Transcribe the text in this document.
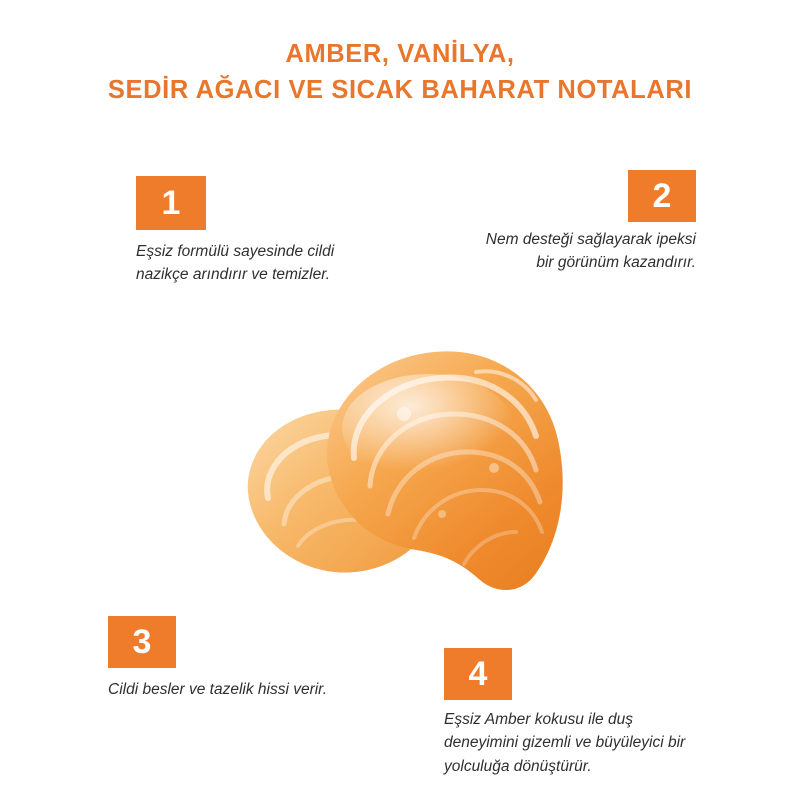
AMBER, VANİLYA,
SEDİR AĞACI VE SICAK BAHARAT NOTALARI
1
Eşsiz formülü sayesinde cildi nazikçe arındırır ve temizler.
2
Nem desteği sağlayarak ipeksi bir görünüm kazandırır.
3
Cildi besler ve tazelik hissi verir.	4
Eşsiz Amber kokusu ile duş deneyimini gizemli ve büyüleyici bir yolculuğa dönüştürür.
